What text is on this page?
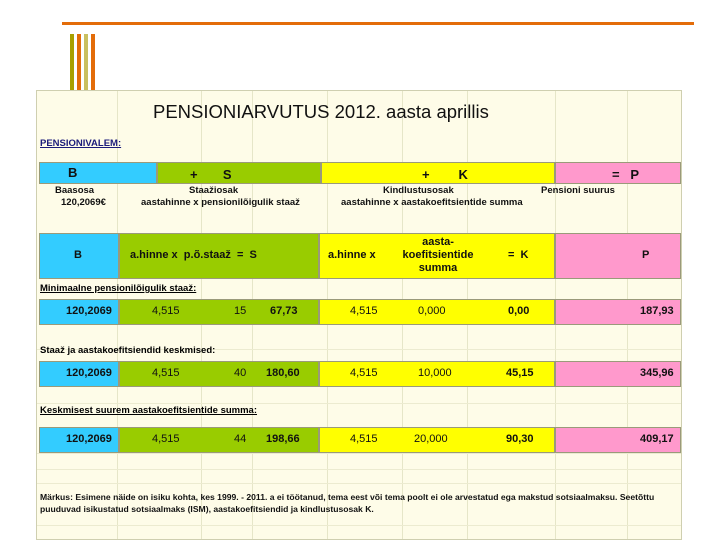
PENSIONIARVUTUS 2012. aasta aprillis
PENSIONIVALEM:
B	+       S	+        K	=   P
Baasosa
120,2069€
Staažiosak
aastahinne x pensionilõigulik staaž
Kindlustusosak
aastahinne x aastakoefitsientide summa
Pensioni suurus
B	a.hinne x  p.õ.staaž  =  S	a.hinne x
aasta-
koefitsientide
summa
=  K	P
Minimaalne pensionilõigulik staaž:
120,2069	4,515	15 67,73	4,515	0,000	0,00	187,93
Staaž ja aastakoefitsiendid keskmised:
120,2069	4,515	40 180,60	4,515	10,000	45,15	345,96
Keskmisest suurem aastakoefitsientide summa:
120,2069	4,515	44 198,66	4,515	20,000	90,30	409,17
Märkus: Esimene näide on isiku kohta, kes 1999. - 2011. a ei töötanud, tema eest või tema poolt ei ole arvestatud ega makstud sotsiaalmaksu. Seetõttu puuduvad isikustatud sotsiaalmaks (ISM), aastakoefitsiendid ja kindlustusosak K.
